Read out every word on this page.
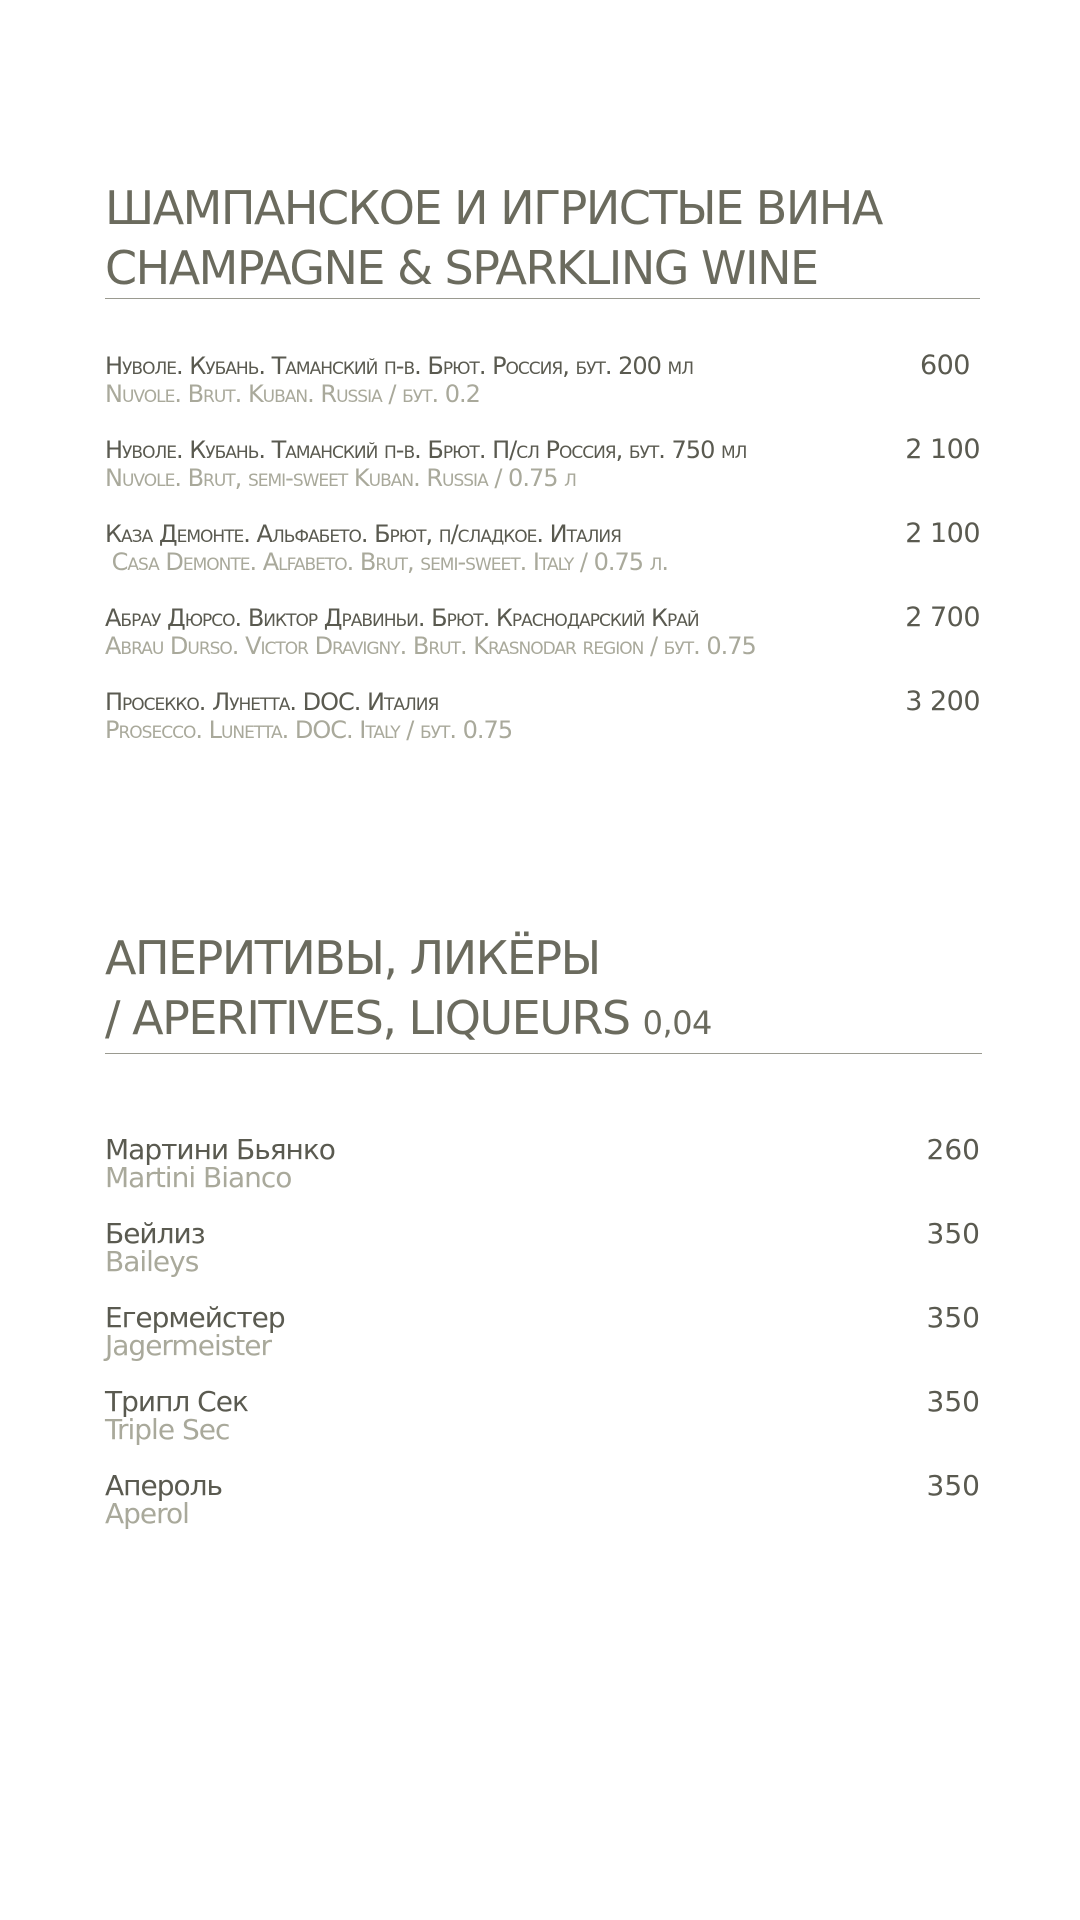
ШАМПАНСКОЕ И ИГРИСТЫЕ ВИНА
CHAMPAGNE & SPARKLING WINE
Нуволе. Кубань. Таманский п-в. Брют. Россия, бут. 200 мл
Nuvole. Brut. Kuban. Russia / бут. 0.2
600
Нуволе. Кубань. Таманский п-в. Брют. П/сл Россия, бут. 750 мл
Nuvole. Brut, semi-sweet Kuban. Russia / 0.75 л
2 100
Каза Демонте. Альфабето. Брют, п/сладкое. Италия
Casa Demonte. Alfabeto. Brut, semi-sweet. Italy / 0.75 л.
2 100
Абрау Дюрсо. Виктор Дравиньи. Брют. Краснодарский Край
Abrau Durso. Victor Dravigny. Brut. Krasnodar region / бут. 0.75
2 700
Просекко. Лунетта. DOC. Италия
Prosecco. Lunetta. DOC. Italy / бут. 0.75
3 200
АПЕРИТИВЫ, ЛИКЁРЫ
/ APERITIVES, LIQUEURS 0,04
Мартини Бьянко
Martini Bianco
260
Бейлиз
Baileys
350
Егермейстер
Jagermeister
350
Трипл Сек
Triple Sec
350
Апероль
Aperol
350
